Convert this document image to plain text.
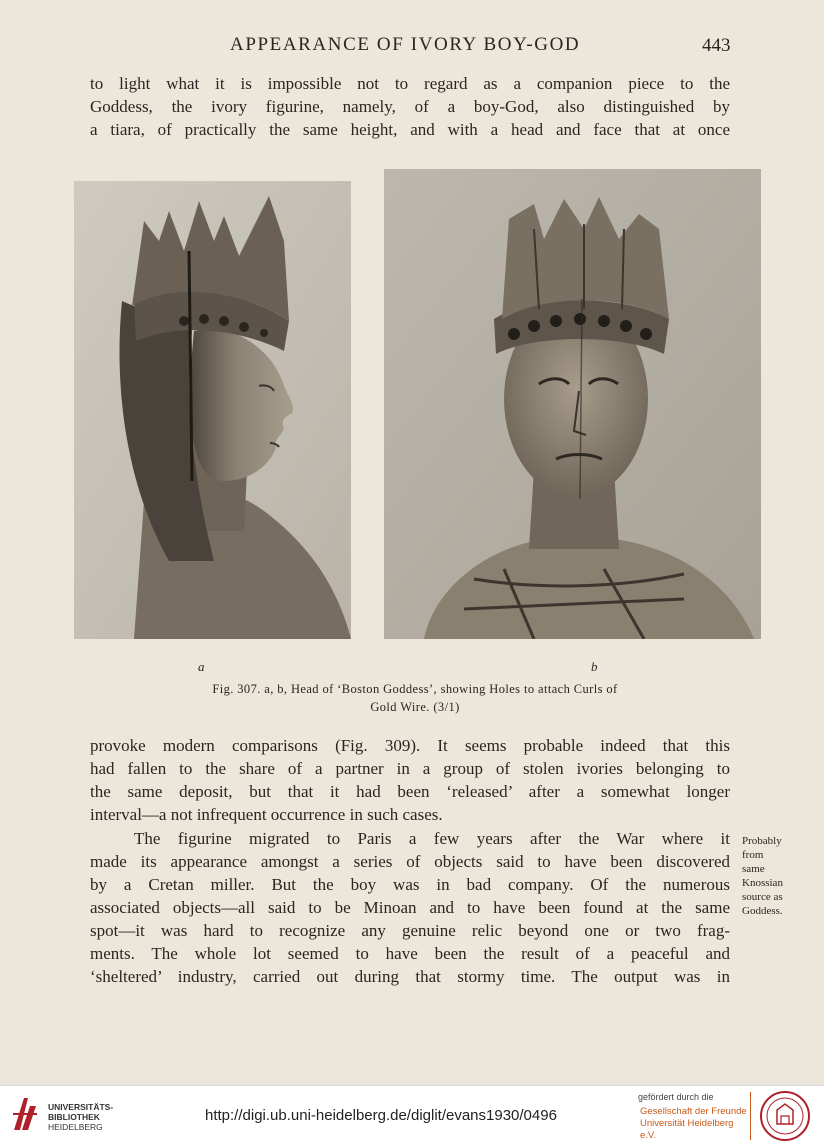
APPEARANCE OF IVORY BOY-GOD	443

to light what it is impossible not to regard as a companion piece to the
Goddess, the ivory figurine, namely, of a boy-God, also distinguished by
a tiara, of practically the same height, and with a head and face that at once

a	b
Fig. 307. a, b, Head of ‘Boston Goddess’, showing Holes to attach Curls of
Gold Wire. (3/1)

provoke modern comparisons (Fig. 309). It seems probable indeed that this
had fallen to the share of a partner in a group of stolen ivories belonging to
the same deposit, but that it had been ‘released’ after a somewhat longer
interval—a not infrequent occurrence in such cases.

The figurine migrated to Paris a few years after the War where it
made its appearance amongst a series of objects said to have been discovered
by a Cretan miller. But the boy was in bad company. Of the numerous
associated objects—all said to be Minoan and to have been found at the same
spot—it was hard to recognize any genuine relic beyond one or two frag-
ments. The whole lot seemed to have been the result of a peaceful and
‘sheltered’ industry, carried out during that stormy time. The output was in

Probably
from
same
Knossian
source as
Goddess.
UNIVERSITÄTS-
BIBLIOTHEK
HEIDELBERG
http://digi.ub.uni-heidelberg.de/diglit/evans1930/0496
gefördert durch die
Gesellschaft der Freunde
Universität Heidelberg e.V.
